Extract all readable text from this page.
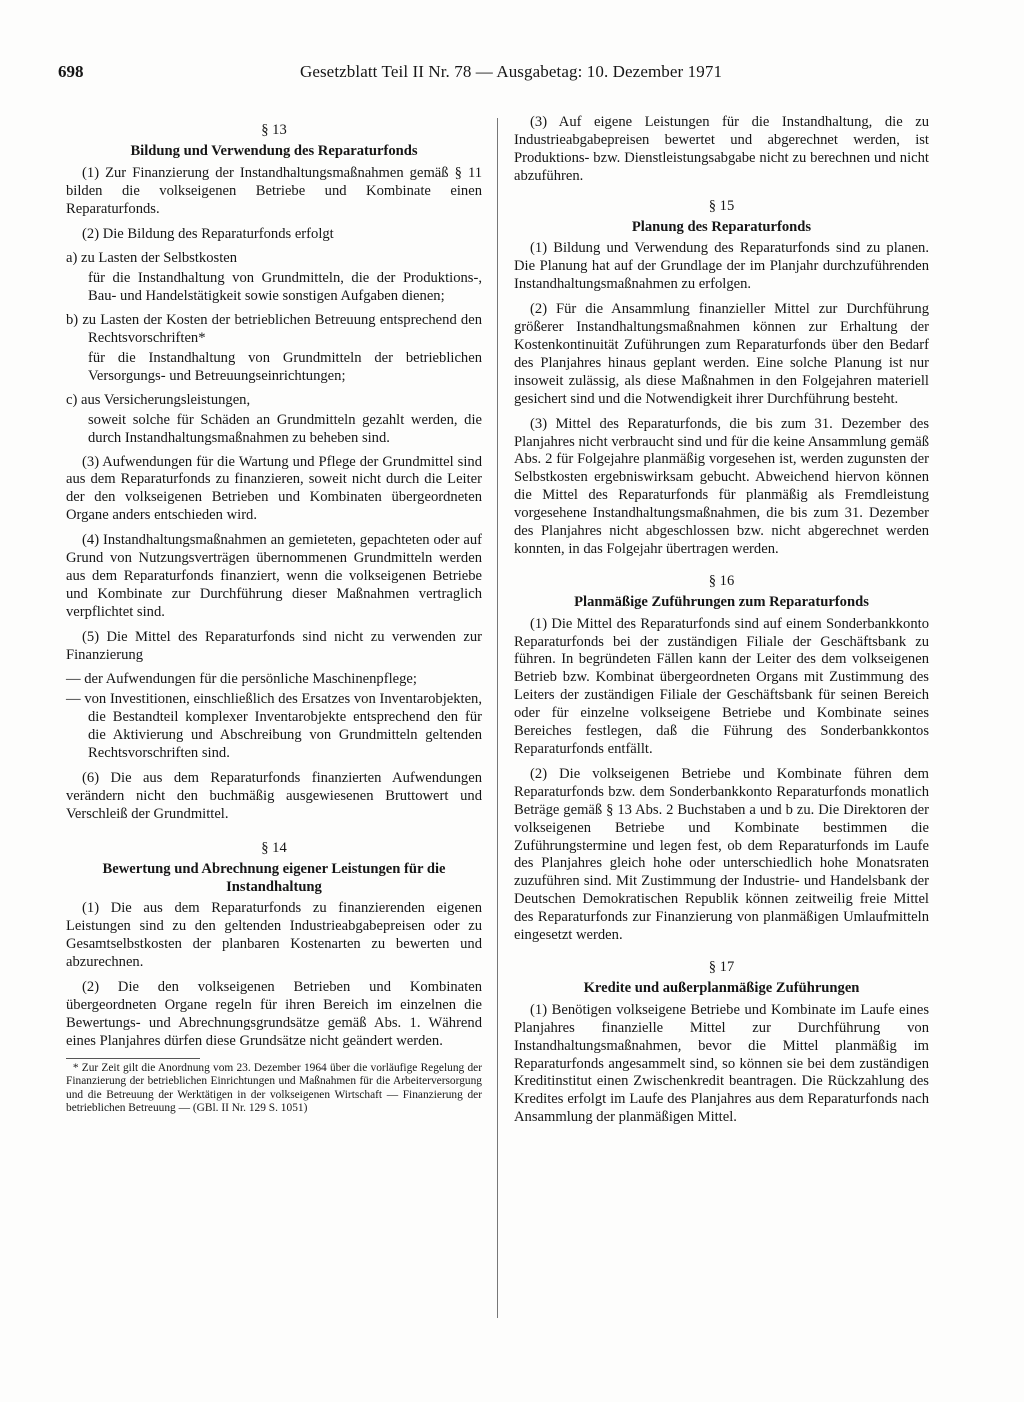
698	Gesetzblatt Teil II Nr. 78 — Ausgabetag: 10. Dezember 1971
§ 13
Bildung und Verwendung des Reparaturfonds

(1) Zur Finanzierung der Instandhaltungsmaßnahmen gemäß § 11 bilden die volkseigenen Betriebe und Kombinate einen Reparaturfonds.

(2) Die Bildung des Reparaturfonds erfolgt

a) zu Lasten der Selbstkosten
für die Instandhaltung von Grundmitteln, die der Produktions-, Bau- und Handelstätigkeit sowie sonstigen Aufgaben dienen;
b) zu Lasten der Kosten der betrieblichen Betreuung entsprechend den Rechtsvorschriften*
für die Instandhaltung von Grundmitteln der betrieblichen Versorgungs- und Betreuungseinrichtungen;
c) aus Versicherungsleistungen,
soweit solche für Schäden an Grundmitteln gezahlt werden, die durch Instandhaltungsmaßnahmen zu beheben sind.

(3) Aufwendungen für die Wartung und Pflege der Grundmittel sind aus dem Reparaturfonds zu finanzieren, soweit nicht durch die Leiter der den volkseigenen Betrieben und Kombinaten übergeordneten Organe anders entschieden wird.

(4) Instandhaltungsmaßnahmen an gemieteten, gepachteten oder auf Grund von Nutzungsverträgen übernommenen Grundmitteln werden aus dem Reparaturfonds finanziert, wenn die volkseigenen Betriebe und Kombinate zur Durchführung dieser Maßnahmen vertraglich verpflichtet sind.

(5) Die Mittel des Reparaturfonds sind nicht zu verwenden zur Finanzierung

— der Aufwendungen für die persönliche Maschinenpflege;
— von Investitionen, einschließlich des Ersatzes von Inventarobjekten, die Bestandteil komplexer Inventarobjekte entsprechend den für die Aktivierung und Abschreibung von Grundmitteln geltenden Rechtsvorschriften sind.

(6) Die aus dem Reparaturfonds finanzierten Aufwendungen verändern nicht den buchmäßig ausgewiesenen Bruttowert und Verschleiß der Grundmittel.

§ 14
Bewertung und Abrechnung eigener Leistungen für die Instandhaltung

(1) Die aus dem Reparaturfonds zu finanzierenden eigenen Leistungen sind zu den geltenden Industrieabgabepreisen oder zu Gesamtselbstkosten der planbaren Kostenarten zu bewerten und abzurechnen.

(2) Die den volkseigenen Betrieben und Kombinaten übergeordneten Organe regeln für ihren Bereich im einzelnen die Bewertungs- und Abrechnungsgrundsätze gemäß Abs. 1. Während eines Planjahres dürfen diese Grundsätze nicht geändert werden.

* Zur Zeit gilt die Anordnung vom 23. Dezember 1964 über die vorläufige Regelung der Finanzierung der betrieblichen Einrichtungen und Maßnahmen für die Arbeiterversorgung und die Betreuung der Werktätigen in der volkseigenen Wirtschaft — Finanzierung der betrieblichen Betreuung — (GBl. II Nr. 129 S. 1051)

(3) Auf eigene Leistungen für die Instandhaltung, die zu Industrieabgabepreisen bewertet und abgerechnet werden, ist Produktions- bzw. Dienstleistungsabgabe nicht zu berechnen und nicht abzuführen.

§ 15
Planung des Reparaturfonds

(1) Bildung und Verwendung des Reparaturfonds sind zu planen. Die Planung hat auf der Grundlage der im Planjahr durchzuführenden Instandhaltungsmaßnahmen zu erfolgen.

(2) Für die Ansammlung finanzieller Mittel zur Durchführung größerer Instandhaltungsmaßnahmen können zur Erhaltung der Kostenkontinuität Zuführungen zum Reparaturfonds über den Bedarf des Planjahres hinaus geplant werden. Eine solche Planung ist nur insoweit zulässig, als diese Maßnahmen in den Folgejahren materiell gesichert sind und die Notwendigkeit ihrer Durchführung besteht.

(3) Mittel des Reparaturfonds, die bis zum 31. Dezember des Planjahres nicht verbraucht sind und für die keine Ansammlung gemäß Abs. 2 für Folgejahre planmäßig vorgesehen ist, werden zugunsten der Selbstkosten ergebniswirksam gebucht. Abweichend hiervon können die Mittel des Reparaturfonds für planmäßig als Fremdleistung vorgesehene Instandhaltungsmaßnahmen, die bis zum 31. Dezember des Planjahres nicht abgeschlossen bzw. nicht abgerechnet werden konnten, in das Folgejahr übertragen werden.

§ 16
Planmäßige Zuführungen zum Reparaturfonds

(1) Die Mittel des Reparaturfonds sind auf einem Sonderbankkonto Reparaturfonds bei der zuständigen Filiale der Geschäftsbank zu führen. In begründeten Fällen kann der Leiter des dem volkseigenen Betrieb bzw. Kombinat übergeordneten Organs mit Zustimmung des Leiters der zuständigen Filiale der Geschäftsbank für seinen Bereich oder für einzelne volkseigene Betriebe und Kombinate seines Bereiches festlegen, daß die Führung des Sonderbankkontos Reparaturfonds entfällt.

(2) Die volkseigenen Betriebe und Kombinate führen dem Reparaturfonds bzw. dem Sonderbankkonto Reparaturfonds monatlich Beträge gemäß § 13 Abs. 2 Buchstaben a und b zu. Die Direktoren der volkseigenen Betriebe und Kombinate bestimmen die Zuführungstermine und legen fest, ob dem Reparaturfonds im Laufe des Planjahres gleich hohe oder unterschiedlich hohe Monatsraten zuzuführen sind. Mit Zustimmung der Industrie- und Handelsbank der Deutschen Demokratischen Republik können zeitweilig freie Mittel des Reparaturfonds zur Finanzierung von planmäßigen Umlaufmitteln eingesetzt werden.

§ 17
Kredite und außerplanmäßige Zuführungen

(1) Benötigen volkseigene Betriebe und Kombinate im Laufe eines Planjahres finanzielle Mittel zur Durchführung von Instandhaltungsmaßnahmen, bevor die Mittel planmäßig im Reparaturfonds angesammelt sind, so können sie bei dem zuständigen Kreditinstitut einen Zwischenkredit beantragen. Die Rückzahlung des Kredites erfolgt im Laufe des Planjahres aus dem Reparaturfonds nach Ansammlung der planmäßigen Mittel.
